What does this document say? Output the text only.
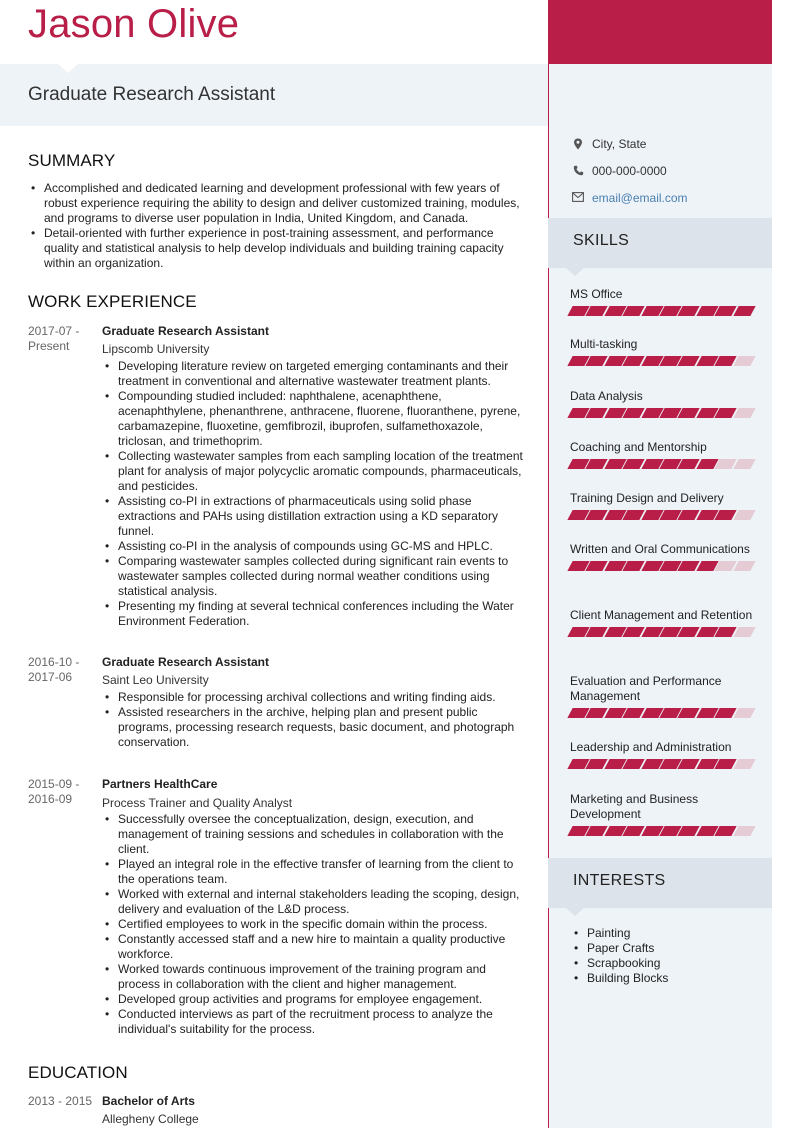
Jason Olive
Graduate Research Assistant
City, State
000-000-0000
email@email.com
SKILLS
MS Office
Multi-tasking
Data Analysis
Coaching and Mentorship
Training Design and Delivery
Written and Oral Communications
Client Management and Retention
Evaluation and Performance Management
Leadership and Administration
Marketing and Business Development
INTERESTS
• Painting
• Paper Crafts
• Scrapbooking
• Building Blocks
SUMMARY
• Accomplished and dedicated learning and development professional with few years of robust experience requiring the ability to design and deliver customized training, modules, and programs to diverse user population in India, United Kingdom, and Canada.
• Detail-oriented with further experience in post-training assessment, and performance quality and statistical analysis to help develop individuals and building training capacity within an organization.
WORK EXPERIENCE
2017-07 - Present
Graduate Research Assistant
Lipscomb University
• Developing literature review on targeted emerging contaminants and their treatment in conventional and alternative wastewater treatment plants.
• Compounding studied included: naphthalene, acenaphthene, acenaphthylene, phenanthrene, anthracene, fluorene, fluoranthene, pyrene, carbamazepine, fluoxetine, gemfibrozil, ibuprofen, sulfamethoxazole, triclosan, and trimethoprim.
• Collecting wastewater samples from each sampling location of the treatment plant for analysis of major polycyclic aromatic compounds, pharmaceuticals, and pesticides.
• Assisting co-PI in extractions of pharmaceuticals using solid phase extractions and PAHs using distillation extraction using a KD separatory funnel.
• Assisting co-PI in the analysis of compounds using GC-MS and HPLC.
• Comparing wastewater samples collected during significant rain events to wastewater samples collected during normal weather conditions using statistical analysis.
• Presenting my finding at several technical conferences including the Water Environment Federation.
2016-10 - 2017-06
Graduate Research Assistant
Saint Leo University
• Responsible for processing archival collections and writing finding aids.
• Assisted researchers in the archive, helping plan and present public programs, processing research requests, basic document, and photograph conservation.
2015-09 - 2016-09
Partners HealthCare
Process Trainer and Quality Analyst
• Successfully oversee the conceptualization, design, execution, and management of training sessions and schedules in collaboration with the client.
• Played an integral role in the effective transfer of learning from the client to the operations team.
• Worked with external and internal stakeholders leading the scoping, design, delivery and evaluation of the L&D process.
• Certified employees to work in the specific domain within the process.
• Constantly accessed staff and a new hire to maintain a quality productive workforce.
• Worked towards continuous improvement of the training program and process in collaboration with the client and higher management.
• Developed group activities and programs for employee engagement.
• Conducted interviews as part of the recruitment process to analyze the individual's suitability for the process.
EDUCATION
2013 - 2015 Bachelor of Arts
Allegheny College
